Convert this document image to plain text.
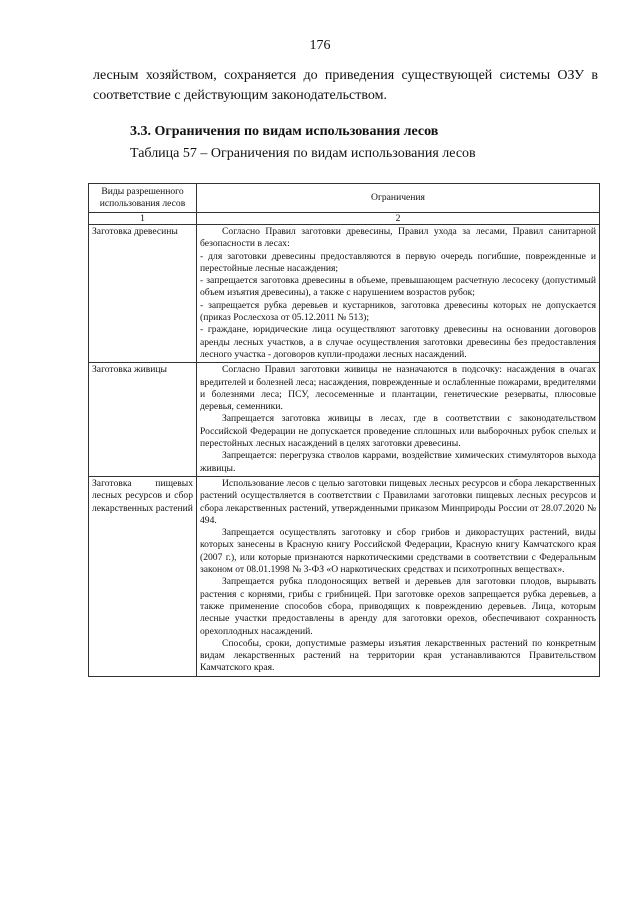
176
лесным хозяйством, сохраняется до приведения существующей системы ОЗУ в соответствие с действующим законодательством.
3.3. Ограничения по видам использования лесов
Таблица 57 – Ограничения по видам использования лесов
Виды разрешенного использования лесов	Ограничения
1	2
Заготовка древесины	Согласно Правил заготовки древесины, Правил ухода за лесами, Правил санитарной безопасности в лесах:

- для заготовки древесины предоставляются в первую очередь погибшие, поврежденные и перестойные лесные насаждения;

- запрещается заготовка древесины в объеме, превышающем расчетную лесосеку (допустимый объем изъятия древесины), а также с нарушением возрастов рубок;

- запрещается рубка деревьев и кустарников, заготовка древесины которых не допускается (приказ Рослесхоза от 05.12.2011 № 513);

- граждане, юридические лица осуществляют заготовку древесины на основании договоров аренды лесных участков, а в случае осуществления заготовки древесины без предоставления лесного участка - договоров купли-продажи лесных насаждений.

Заготовка живицы	Согласно Правил заготовки живицы не назначаются в подсочку: насаждения в очагах вредителей и болезней леса; насаждения, поврежденные и ослабленные пожарами, вредителями и болезнями леса; ПСУ, лесосеменные и плантации, генетические резерваты, плюсовые деревья, семенники.

Запрещается заготовка живицы в лесах, где в соответствии с законодательством Российской Федерации не допускается проведение сплошных или выборочных рубок спелых и перестойных лесных насаждений в целях заготовки древесины.

Запрещается: перегрузка стволов каррами, воздействие химических стимуляторов выхода живицы.

Заготовка пищевых лесных ресурсов и сбор лекарственных растений	Использование лесов с целью заготовки пищевых лесных ресурсов и сбора лекарственных растений осуществляется в соответствии с Правилами заготовки пищевых лесных ресурсов и сбора лекарственных растений, утвержденными приказом Минприроды России от 28.07.2020 № 494.

Запрещается осуществлять заготовку и сбор грибов и дикорастущих растений, виды которых занесены в Красную книгу Российской Федерации, Красную книгу Камчатского края (2007 г.), или которые признаются наркотическими средствами в соответствии с Федеральным законом от 08.01.1998 № 3-ФЗ «О наркотических средствах и психотропных веществах».

Запрещается рубка плодоносящих ветвей и деревьев для заготовки плодов, вырывать растения с корнями, грибы с грибницей. При заготовке орехов запрещается рубка деревьев, а также применение способов сбора, приводящих к повреждению деревьев. Лица, которым лесные участки предоставлены в аренду для заготовки орехов, обеспечивают сохранность орехоплодных насаждений.

Способы, сроки, допустимые размеры изъятия лекарственных растений по конкретным видам лекарственных растений на территории края устанавливаются Правительством Камчатского края.
